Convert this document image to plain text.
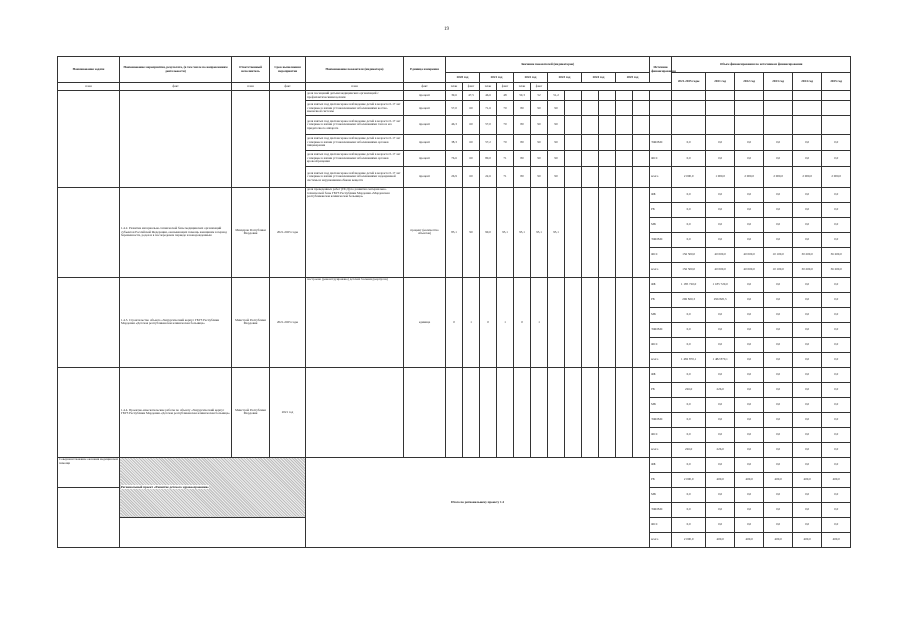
19
Наименование задачи	Наименование мероприятия, результата, (в том числе по направлениям деятельности)	Ответственный исполнитель	Срок выполнения мероприятия	Наименование показателя (индикатора)	Единица измерения	Значение показателей (индикаторов)												Источник финансирования	Объем финансирования по источникам финансирования					
						2020 год		2021 год		2022 год		2023 год		2024 год		2025 год			2021-2025 годы	2021 год	2022 год	2023 год	2024 год	2025 год
план	факт	план	факт	план	факт	план	факт	план	факт	план	факт													
				доля посещений детьми медицинских организаций с профилактическими целями	процент	39,6	47,5	46,6	48	50,3	52	51,2												
				доля взятых под диспансерное наблюдение детей в возрасте 0-17 лет с впервые в жизни установленными заболеваниями костно-мышечной системы	процент	57,0	60	71,6	70	80	90	90												
				доля взятых под диспансерное наблюдение детей в возрасте 0-17 лет с впервые в жизни установленными заболеваниями глаза и его придаточного аппарата	процент	46,3	60	57,0	70	80	90	90												
				доля взятых под диспансерное наблюдение детей в возрасте 0-17 лет с впервые в жизни установленными заболеваниями органов пищеварения	процент	38,3	60	57,2	70	80	90	90						ТФОМС	0,0	0,0	0,0	0,0	0,0	0,0
				доля взятых под диспансерное наблюдение детей в возрасте 0-17 лет с впервые в жизни установленными заболеваниями органов кровообращения	процент	76,6	60	80,0	71	80	90	90						ФСС	0,0	0,0	0,0	0,0	0,0	0,0
				доля взятых под диспансерное наблюдение детей в возрасте 0-17 лет с впервые в жизни установленными заболеваниями эндокринной системы и нарушениями обмена веществ	процент	26,9	60	22,6	71	80	90	90						всего	2 000,0	1 000,0	2 000,0	2 000,0	2 000,0	2 000,0
	1.4.2. Развитие материально-технической базы медицинских организаций субъектов Российской Федерации, оказывающих помощь женщинам в период беременности, родов и в послеродовом периоде и новорожденным	Минздрав Республики Мордовия	2021-2025 годы	доля проведенных работ (ПСД) по развитию материально-технической базы ГБУЗ Республики Мордовия «Мордовская республиканская клиническая больница»	процент (количество объектов)	83,1	90	90,0	95,1	95,1	95,1	95,1						ФБ	0,0	0,0	0,0	0,0	0,0	0,0
																		РБ	0,0	0,0	0,0	0,0	0,0	0,0
																		МБ	0,0	0,0	0,0	0,0	0,0	0,0
																		ТФОМС	0,0	0,0	0,0	0,0	0,0	0,0
																		ФСС	156 500,0	40 000,0	40 000,0	10 100,0	30 200,0	36 200,0
																		всего	156 500,0	40 000,0	40 000,0	10 100,0	30 200,0	36 200,0
	1.4.3. Строительство объекта «Хирургический корпус ГБУЗ Республики Мордовия «Детская республиканская клиническая больница»	Минстрой Республики Мордовия	2021-2025 годы	построено (реконструировано) детских больниц (корпусов)	единица	0	1	0	1	0	1							ФБ	1 185 720,0	1 185 720,0	0,0	0,0	0,0	0,0
																		РБ	296 820,3	296 820,3	0,0	0,0	0,0	0,0
																		МБ	0,0	0,0	0,0	0,0	0,0	0,0
																		ТФОМС	0,0	0,0	0,0	0,0	0,0	0,0
																		ФСС	0,0	0,0	0,0	0,0	0,0	0,0
																		всего	1 482 870,1	1 482 870,1	0,0	0,0	0,0	0,0
	1.4.4. Проектно-изыскательские работы по объекту «Хирургический корпус ГБУЗ Республики Мордовия «Детская республиканская клиническая больница»	Минстрой Республики Мордовия	2021 год															ФБ	0,0	0,0	0,0	0,0	0,0	0,0
																		РБ	226,0	226,0	0,0	0,0	0,0	0,0
																		МБ	0,0	0,0	0,0	0,0	0,0	0,0
																		ТФОМС	0,0	0,0	0,0	0,0	0,0	0,0
																		ФСС	0,0	0,0	0,0	0,0	0,0	0,0
																		всего	226,0	226,0	0,0	0,0	0,0	0,0
Совершенствование оказания медицинской помощи	Региональный проект «Развитие детского здравоохранения»			Итого по региональному проекту 1.4														ФБ	0,0	0,0	0,0	0,0	0,0	0,0
																		РБ	2 000,0	400,0	400,0	400,0	400,0	400,0
																		МБ	0,0	0,0	0,0	0,0	0,0	0,0
																		ТФОМС	0,0	0,0	0,0	0,0	0,0	0,0
																		ФСС	0,0	0,0	0,0	0,0	0,0	0,0
																		всего	2 000,0	400,0	400,0	400,0	400,0	400,0
